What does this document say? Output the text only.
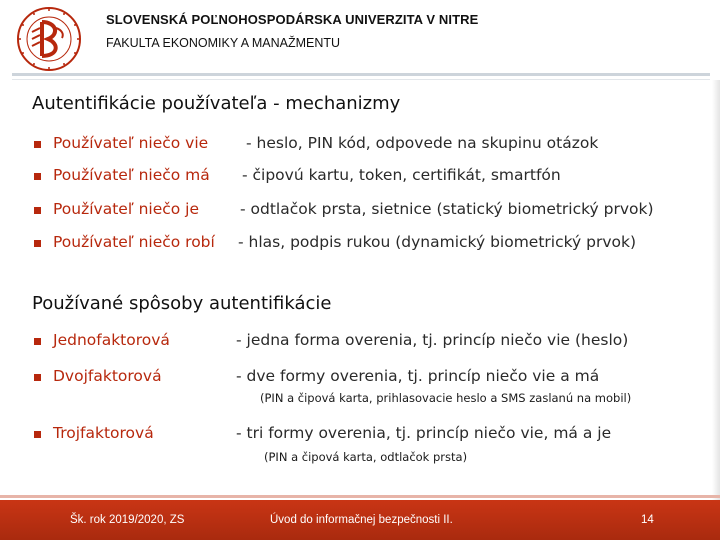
SLOVENSKÁ POĽNOHOSPODÁRSKA UNIVERZITA V NITRE
FAKULTA EKONOMIKY A MANAŽMENTU
Autentifikácie používateľa - mechanizmy
Používateľ niečo vie - heslo, PIN kód, odpovede na skupinu otázok
Používateľ niečo má - čipovú kartu, token, certifikát, smartfón
Používateľ niečo je	- odtlačok prsta, sietnice (statický biometrický prvok)
Používateľ niečo robí - hlas, podpis rukou (dynamický biometrický prvok)
Používané spôsoby autentifikácie
Jednofaktorová	- jedna forma overenia, tj. princíp niečo vie (heslo)
Dvojfaktorová	- dve formy overenia, tj. princíp niečo vie a má
(PIN a čipová karta, prihlasovacie heslo a SMS zaslanú na mobil)
Trojfaktorová	- tri formy overenia, tj. princíp niečo vie, má a je
(PIN a čipová karta, odtlačok prsta)
Šk. rok 2019/2020, ZS	Úvod do informačnej bezpečnosti II.	14
